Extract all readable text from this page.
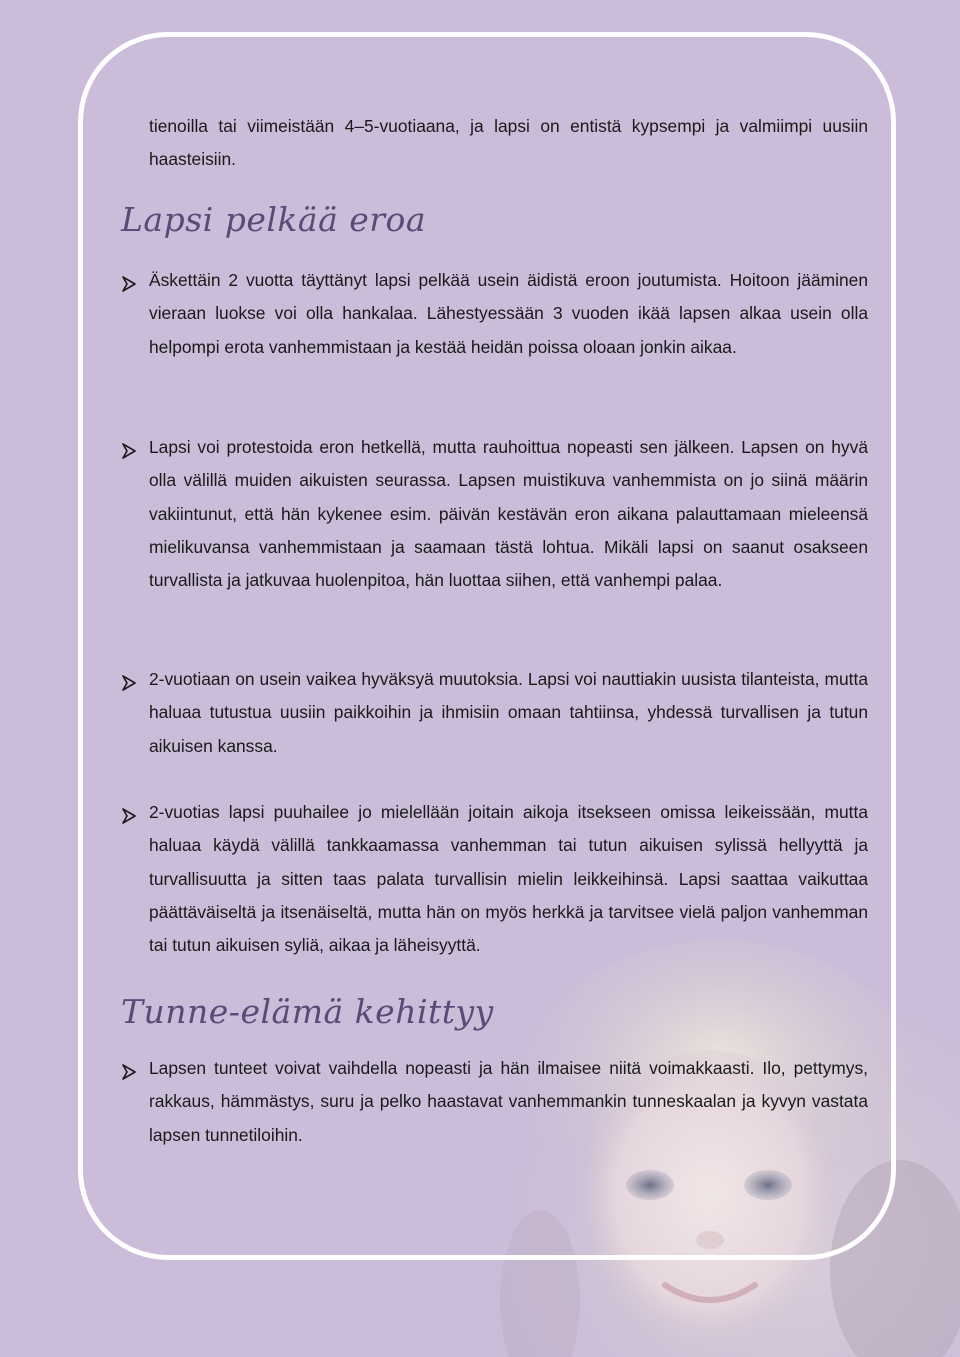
tienoilla tai viimeistään 4–5-vuotiaana, ja lapsi on entistä kypsempi ja valmiimpi uusiin haasteisiin.

Lapsi pelkää eroa

Äskettäin 2 vuotta täyttänyt lapsi pelkää usein äidistä eroon joutumista. Hoitoon jääminen vieraan luokse voi olla hankalaa. Lähestyessään 3 vuoden ikää lapsen alkaa usein olla helpompi erota vanhemmistaan ja kestää heidän poissa oloaan jonkin aikaa.

Lapsi voi protestoida eron hetkellä, mutta rauhoittua nopeasti sen jälkeen. Lapsen on hyvä olla välillä muiden aikuisten seurassa. Lapsen muistikuva vanhemmista on jo siinä määrin vakiintunut, että hän kykenee esim. päivän kestävän eron aikana palauttamaan mieleensä mielikuvansa vanhemmistaan ja saamaan tästä lohtua. Mikäli lapsi on saanut osakseen turvallista ja jatkuvaa huolenpitoa, hän luottaa siihen, että vanhempi palaa.

2-vuotiaan on usein vaikea hyväksyä muutoksia. Lapsi voi nauttiakin uusista tilanteista, mutta haluaa tutustua uusiin paikkoihin ja ihmisiin omaan tahtiinsa, yhdessä turvallisen ja tutun aikuisen kanssa.

2-vuotias lapsi puuhailee jo mielellään joitain aikoja itsekseen omissa leikeissään, mutta haluaa käydä välillä tankkaamassa vanhemman tai tutun aikuisen sylissä hellyyttä ja turvallisuutta ja sitten taas palata turvallisin mielin leikkeihinsä. Lapsi saattaa vaikuttaa päättäväiseltä ja itsenäiseltä, mutta hän on myös herkkä ja tarvitsee vielä paljon vanhemman tai tutun aikuisen syliä, aikaa ja läheisyyttä.

Tunne-elämä kehittyy

Lapsen tunteet voivat vaihdella nopeasti ja hän ilmaisee niitä voimakkaasti. Ilo, pettymys, rakkaus, hämmästys, suru ja pelko haastavat vanhemmankin tunneskaalan ja kyvyn vastata lapsen tunnetiloihin.
